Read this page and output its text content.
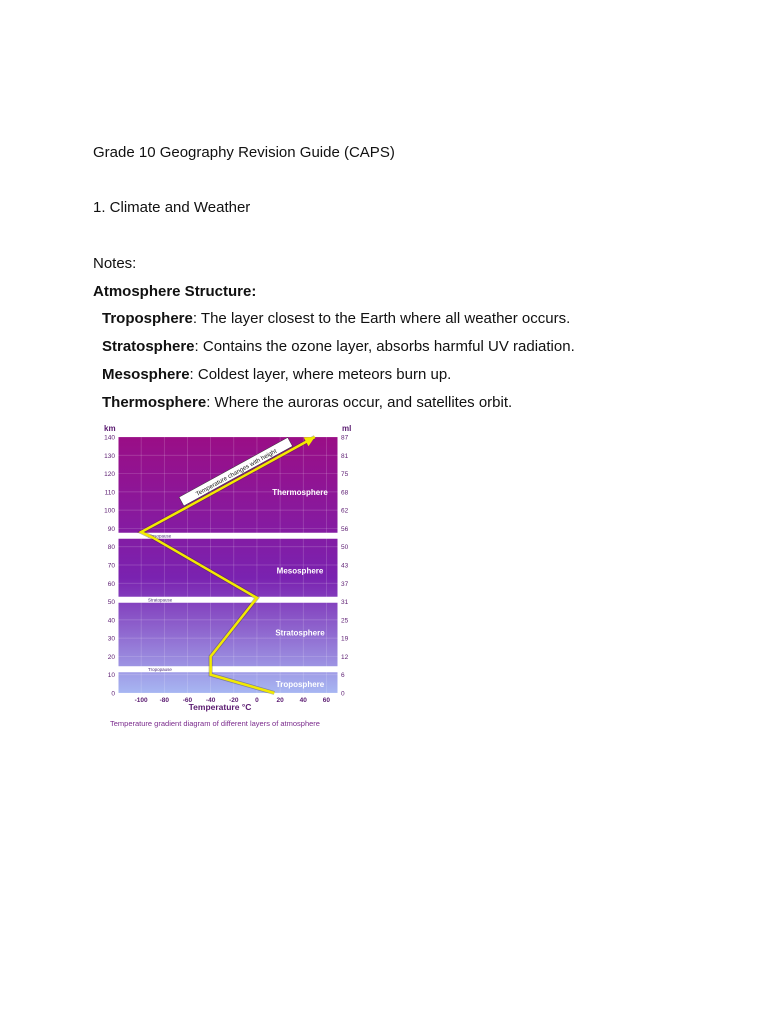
Grade 10 Geography Revision Guide (CAPS)
1. Climate and Weather
Notes:
Atmosphere Structure:
Troposphere: The layer closest to the Earth where all weather occurs.
Stratosphere: Contains the ozone layer, absorbs harmful UV radiation.
Mesosphere: Coldest layer, where meteors burn up.
Thermosphere: Where the auroras occur, and satellites orbit.
Tropopause
Stratopause
Mesopause
Troposphere
Stratosphere
Mesosphere
Thermosphere
Temperature changes with height
0
10
20
30
40
50
60
70
80
90
100
110
120
130
140
0
6
12
19
25
31
37
43
50
56
62
68
75
81
87
-100 -80 -60 -40 -20	0	20 40 60
km	ml
Temperature °C
Temperature gradient diagram of different layers of atmosphere
